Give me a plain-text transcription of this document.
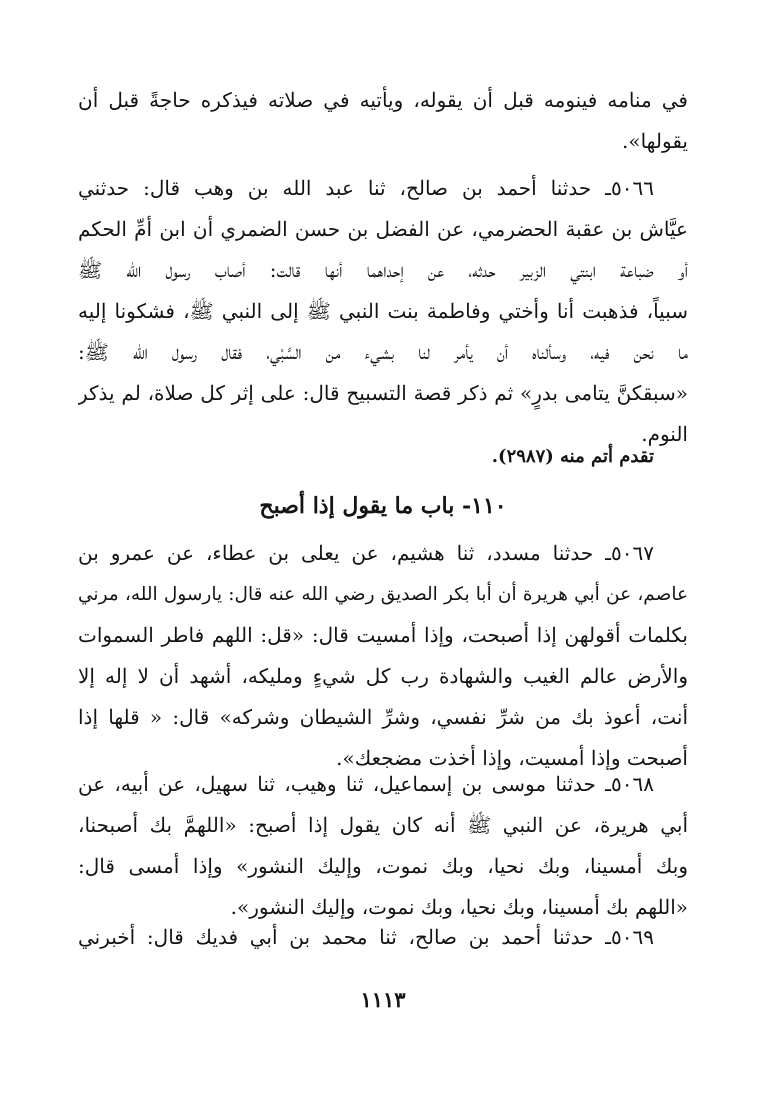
في منامه فينومه قبل أن يقوله، ويأتيه في صلاته فيذكره حاجةً قبل أن
يقولها».
٥٠٦٦ـ حدثنا أحمد بن صالح، ثنا عبد الله بن وهب قال: حدثني
عيَّاش بن عقبة الحضرمي، عن الفضل بن حسن الضمري أن ابن أمِّ الحكم
أو ضباعة ابنتي الزبير حدثه، عن إحداهما أنها قالت: أصاب رسول الله ﷺ
سبياً، فذهبت أنا وأختي وفاطمة بنت النبي ﷺ إلى النبي ﷺ، فشكونا إليه
ما نحن فيه، وسألناه أن يأمر لنا بشيء من السَّبْي، فقال رسول الله ﷺ:
«سبقكنَّ يتامى بدرٍ» ثم ذكر قصة التسبيح قال: على إثر كل صلاة، لم يذكر
النوم.
تقدم أتم منه (٢٩٨٧).
١١٠- باب ما يقول إذا أصبح
٥٠٦٧ـ حدثنا مسدد، ثنا هشيم، عن يعلى بن عطاء، عن عمرو بن
عاصم، عن أبي هريرة أن أبا بكر الصديق رضي الله عنه قال: يارسول الله، مرني
بكلمات أقولهن إذا أصبحت، وإذا أمسيت قال: «قل: اللهم فاطر السموات
والأرض عالم الغيب والشهادة رب كل شيءٍ ومليكه، أشهد أن لا إله إلا
أنت، أعوذ بك من شرِّ نفسي، وشرِّ الشيطان وشركه» قال: « قلها إذا
أصبحت وإذا أمسيت، وإذا أخذت مضجعك».
٥٠٦٨ـ حدثنا موسى بن إسماعيل، ثنا وهيب، ثنا سهيل، عن أبيه، عن
أبي هريرة، عن النبي ﷺ أنه كان يقول إذا أصبح: «اللهمَّ بك أصبحنا،
وبك أمسينا، وبك نحيا، وبك نموت، وإليك النشور» وإذا أمسى قال:
«اللهم بك أمسينا، وبك نحيا، وبك نموت، وإليك النشور».
٥٠٦٩ـ حدثنا أحمد بن صالح، ثنا محمد بن أبي فديك قال: أخبرني
١١١٣
